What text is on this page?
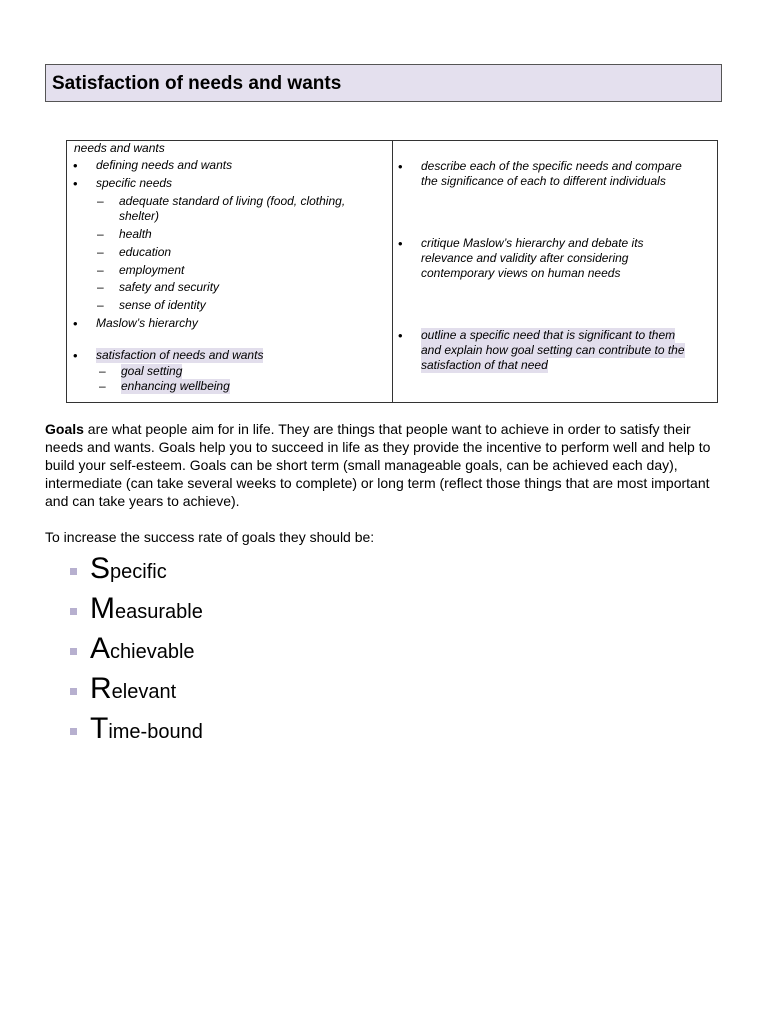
Satisfaction of needs and wants
needs and wants
• defining needs and wants
• specific needs
– adequate standard of living (food, clothing,
shelter)
– health
– education
– employment
– safety and security
– sense of identity
• Maslow’s hierarchy
• satisfaction of needs and wants
– goal setting
– enhancing wellbeing
• describe each of the specific needs and compare
the significance of each to different individuals
• critique Maslow’s hierarchy and debate its
relevance and validity after considering
contemporary views on human needs
• outline a specific need that is significant to them
and explain how goal setting can contribute to the
satisfaction of that need
Goals are what people aim for in life. They are things that people want to achieve in order to satisfy their needs and wants. Goals help you to succeed in life as they provide the incentive to perform well and help to build your self-esteem. Goals can be short term (small manageable goals, can be achieved each day), intermediate (can take several weeks to complete) or long term (reflect those things that are most important and can take years to achieve).
To increase the success rate of goals they should be:
Specific
Measurable
Achievable
Relevant
Time-bound
